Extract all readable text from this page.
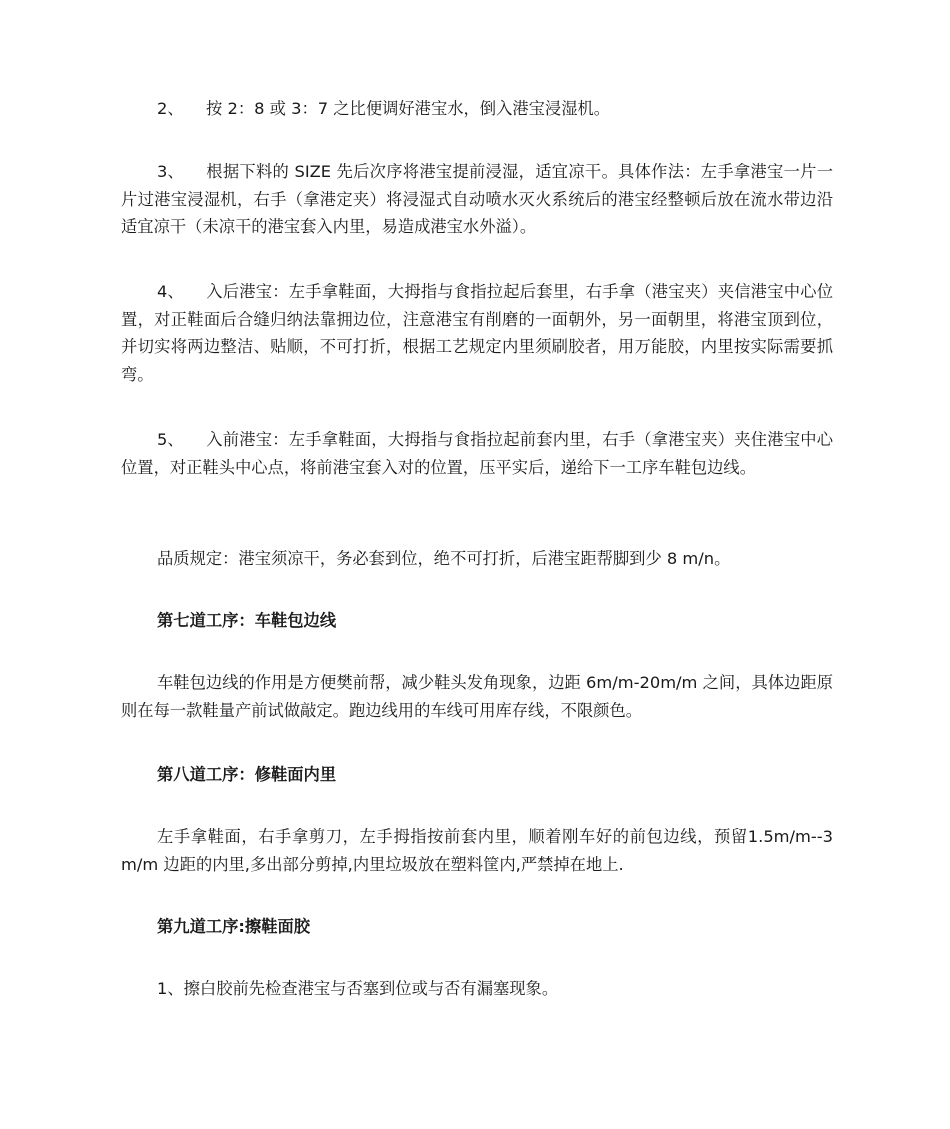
2、 按 2：8 或 3：7 之比便调好港宝水，倒入港宝浸湿机。

3、 根据下料的 SIZE 先后次序将港宝提前浸湿，适宜凉干。具体作法：左手拿港宝一片一片过港宝浸湿机，右手（拿港定夹）将浸湿式自动喷水灭火系统后的港宝经整顿后放在流水带边沿适宜凉干（未凉干的港宝套入内里，易造成港宝水外溢）。

4、 入后港宝：左手拿鞋面，大拇指与食指拉起后套里，右手拿（港宝夹）夹信港宝中心位置，对正鞋面后合缝归纳法靠拥边位，注意港宝有削磨的一面朝外，另一面朝里，将港宝顶到位，并切实将两边整洁、贴顺，不可打折，根据工艺规定内里须刷胶者，用万能胶，内里按实际需要抓弯。

5、 入前港宝：左手拿鞋面，大拇指与食指拉起前套内里，右手（拿港宝夹）夹住港宝中心位置，对正鞋头中心点，将前港宝套入对的位置，压平实后，递给下一工序车鞋包边线。

品质规定：港宝须凉干，务必套到位，绝不可打折，后港宝距帮脚到少 8 m/n。

第七道工序：车鞋包边线

车鞋包边线的作用是方便樊前帮，减少鞋头发角现象，边距 6m/m-20m/m 之间，具体边距原则在每一款鞋量产前试做敲定。跑边线用的车线可用库存线，不限颜色。

第八道工序：修鞋面内里

左手拿鞋面，右手拿剪刀，左手拇指按前套内里，顺着刚车好的前包边线，预留1.5m/m--3m/m 边距的内里,多出部分剪掉,内里垃圾放在塑料筐内,严禁掉在地上.

第九道工序:擦鞋面胶

1、擦白胶前先检查港宝与否塞到位或与否有漏塞现象。
